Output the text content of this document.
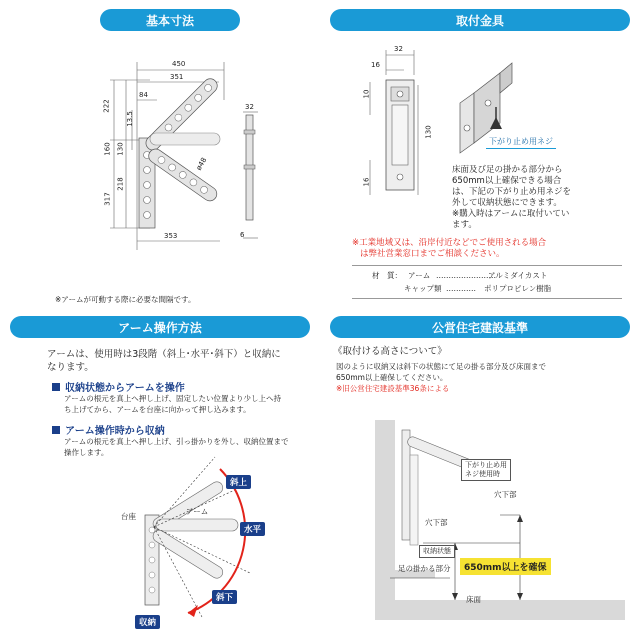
基本寸法	取付金具
アーム操作方法	公営住宅建設基準
450
351
84
13.5
222
160 130
218
317
353
ø48
32
6
※アームが可動する際に必要な間隔です。
32
16
10
130
16
下がり止め用ネジ
床面及び足の掛かる部分から
650mm以上確保できる場合
は、下記の下がり止め用ネジを
外して収納状態にできます。
※購入時はアームに取付いてい
ます。
※工業地域又は、沿岸付近などでご使用される場合
は弊社営業窓口までご相談ください。
材　質： アーム ……………………
アルミダイカスト
キャップ類 ………… ポリプロピレン樹脂
アームは、使用時は3段階（斜上･水平･斜下）と収納に
なります。
収納状態からアームを操作
アームの根元を真上へ押し上げ、固定したい位置より少し上へ持
ち上げてから、アームを台座に向かって押し込みます。
アーム操作時から収納
アームの根元を真上へ押し上げ、引っ掛かりを外し、収納位置まで
操作します。
台座
アーム
斜上
水平
斜下
収納
《取付ける高さについて》
図のように収納又は斜下の状態にて足の掛る部分及び床面まで
650mm以上確保してください。
※旧公営住宅建設基準36条による
下がり止め用
ネジ使用時
穴下部
穴下部
収納状態
足の掛かる部分
床面
650mm以上を確保
